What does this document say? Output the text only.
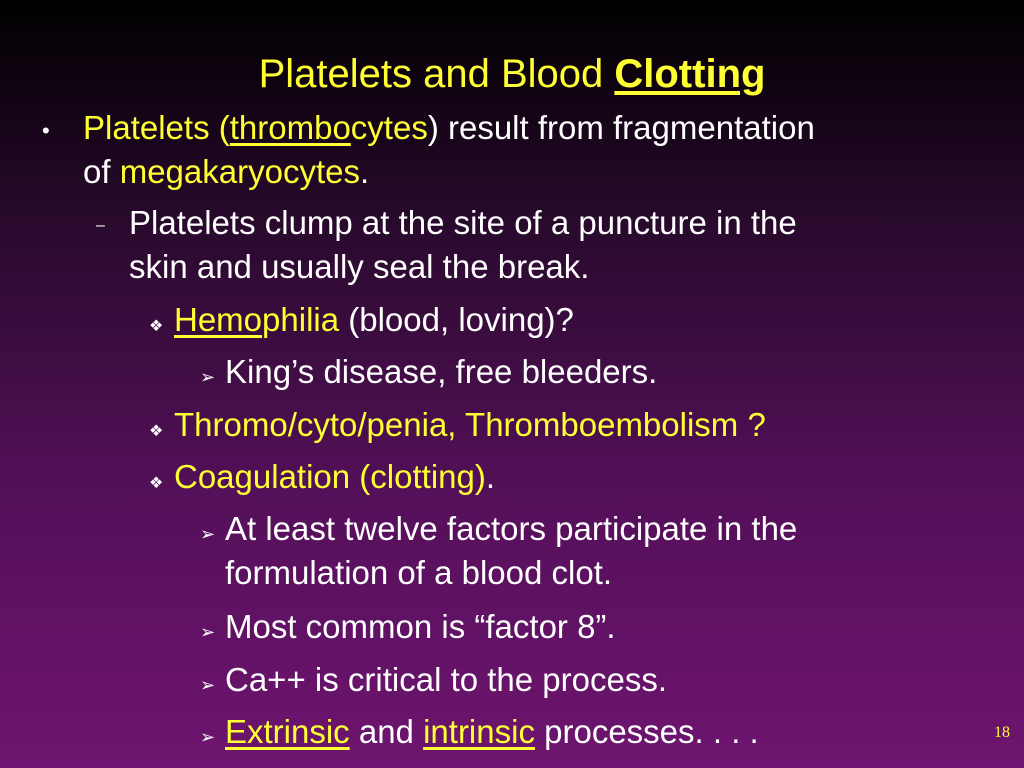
Platelets and Blood Clotting
• Platelets (thrombocytes) result from fragmentation
of megakaryocytes.
– Platelets clump at the site of a puncture in the
skin and usually seal the break.
❖ Hemophilia (blood, loving)?
➢ King’s disease, free bleeders.
❖ Thromo/cyto/penia, Thromboembolism ?
❖ Coagulation (clotting).
➢ At least twelve factors participate in the
formulation of a blood clot.
➢ Most common is “factor 8”.
➢ Ca++ is critical to the process.
➢ Extrinsic and intrinsic processes. . . .	18
